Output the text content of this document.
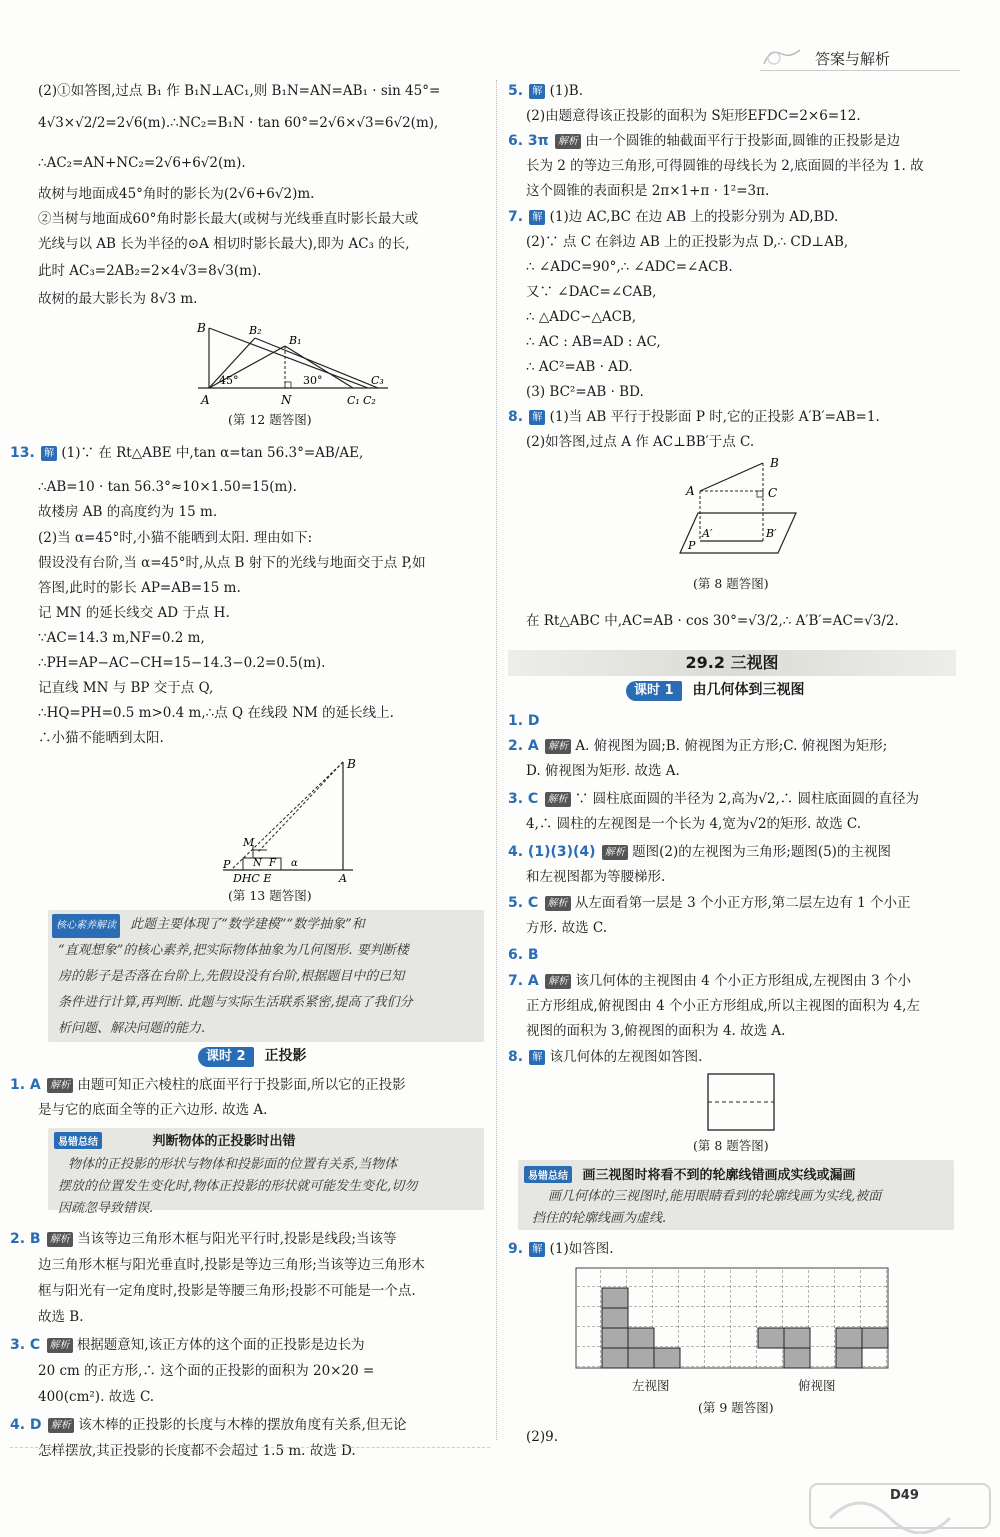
答案与解析
(2)①如答图,过点 B₁ 作 B₁N⊥AC₁,则 B₁N=AN=AB₁ · sin 45°=
4√3×√2/2=2√6(m).∴NC₂=B₁N · tan 60°=2√6×√3=6√2(m),
∴AC₂=AN+NC₂=2√6+6√2(m).
故树与地面成45°角时的影长为(2√6+6√2)m.
②当树与地面成60°角时影长最大(或树与光线垂直时影长最大或
光线与以 AB 长为半径的⊙A 相切时影长最大),即为 AC₃ 的长,
此时 AC₃=2AB₂=2×4√3=8√3(m).
故树的最大影长为 8√3 m.
B	B₂
B₁
45°	30°
A	N	C₁ C₂
C₃
(第 12 题答图)
13. 解 (1)∵ 在 Rt△ABE 中,tan α=tan 56.3°=AB/AE,
∴AB=10 · tan 56.3°≈10×1.50=15(m).
故楼房 AB 的高度约为 15 m.
(2)当 α=45°时,小猫不能晒到太阳. 理由如下:
假设没有台阶,当 α=45°时,从点 B 射下的光线与地面交于点 P,如
答图,此时的影长 AP=AB=15 m.
记 MN 的延长线交 AD 于点 H.
∵AC=14.3 m,NF=0.2 m,
∴PH=AP−AC−CH=15−14.3−0.2=0.5(m).
记直线 MN 与 BP 交于点 Q,
∴HQ=PH=0.5 m>0.4 m,∴点 Q 在线段 NM 的延长线上.
∴小猫不能晒到太阳.
B
M
N F α
P
DHC E	A
(第 13 题答图)
核心素养解读 此题主要体现了“数学建模”“数学抽象”和
“直观想象”的核心素养,把实际物体抽象为几何图形. 要判断楼
房的影子是否落在台阶上,先假设没有台阶,根据题目中的已知
条件进行计算,再判断. 此题与实际生活联系紧密,提高了我们分
析问题、解决问题的能力.
课时 2 正投影
1. A 解析 由题可知正六棱柱的底面平行于投影面,所以它的正投影
是与它的底面全等的正六边形. 故选 A.
易错总结	判断物体的正投影时出错
物体的正投影的形状与物体和投影面的位置有关系,当物体
摆放的位置发生变化时,物体正投影的形状就可能发生变化,切勿
因疏忽导致错误.
2. B 解析 当该等边三角形木框与阳光平行时,投影是线段;当该等
边三角形木框与阳光垂直时,投影是等边三角形;当该等边三角形木
框与阳光有一定角度时,投影是等腰三角形;投影不可能是一个点.
故选 B.
3. C 解析 根据题意知,该正方体的这个面的正投影是边长为
20 cm 的正方形,∴ 这个面的正投影的面积为 20×20 =
400(cm²). 故选 C.
4. D 解析 该木棒的正投影的长度与木棒的摆放角度有关系,但无论
怎样摆放,其正投影的长度都不会超过 1.5 m. 故选 D.
5. 解 (1)B.
(2)由题意得该正投影的面积为 S矩形EFDC=2×6=12.
6. 3π 解析 由一个圆锥的轴截面平行于投影面,圆锥的正投影是边
长为 2 的等边三角形,可得圆锥的母线长为 2,底面圆的半径为 1. 故
这个圆锥的表面积是 2π×1+π · 1²=3π.
7. 解 (1)边 AC,BC 在边 AB 上的投影分别为 AD,BD.
(2)∵ 点 C 在斜边 AB 上的正投影为点 D,∴ CD⊥AB,
∴ ∠ADC=90°,∴ ∠ADC=∠ACB.
又∵ ∠DAC=∠CAB,
∴ △ADC∽△ACB,
∴ AC : AB=AD : AC,
∴ AC²=AB · AD.
(3) BC²=AB · BD.
8. 解 (1)当 AB 平行于投影面 P 时,它的正投影 A′B′=AB=1.
(2)如答图,过点 A 作 AC⊥BB′于点 C.
B
A	C
A′	B′
P
(第 8 题答图)
在 Rt△ABC 中,AC=AB · cos 30°=√3/2,∴ A′B′=AC=√3/2.
29.2 三视图
课时 1 由几何体到三视图
1. D
2. A 解析 A. 俯视图为圆;B. 俯视图为正方形;C. 俯视图为矩形;
D. 俯视图为矩形. 故选 A.
3. C 解析 ∵ 圆柱底面圆的半径为 2,高为√2,∴ 圆柱底面圆的直径为
4,∴ 圆柱的左视图是一个长为 4,宽为√2的矩形. 故选 C.
4. (1)(3)(4) 解析 题图(2)的左视图为三角形;题图(5)的主视图
和左视图都为等腰梯形.
5. C 解析 从左面看第一层是 3 个小正方形,第二层左边有 1 个小正
方形. 故选 C.
6. B
7. A 解析 该几何体的主视图由 4 个小正方形组成,左视图由 3 个小
正方形组成,俯视图由 4 个小正方形组成,所以主视图的面积为 4,左
视图的面积为 3,俯视图的面积为 4. 故选 A.
8. 解 该几何体的左视图如答图.
(第 8 题答图)
易错总结 画三视图时将看不到的轮廓线错画成实线或漏画
画几何体的三视图时,能用眼睛看到的轮廓线画为实线,被面
挡住的轮廓线画为虚线.
9. 解 (1)如答图.
左视图	俯视图
(第 9 题答图)
(2)9.
D49
